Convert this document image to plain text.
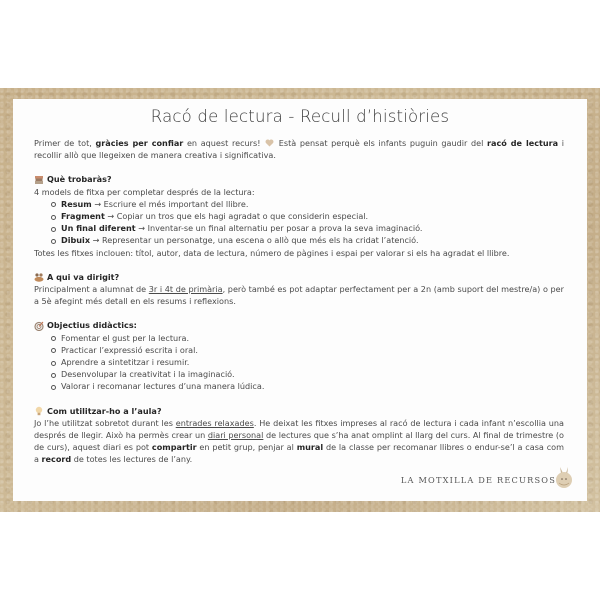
Racó de lectura - Recull d’histiòries

Primer de tot, gràcies per confiar en aquest recurs!  Està pensat perquè els infants puguin gaudir del racó de lectura i recollir allò que llegeixen de manera creativa i significativa.

Què trobaràs?

4 models de fitxa per completar després de la lectura:

Resum → Escriure el més important del llibre.
Fragment → Copiar un tros que els hagi agradat o que considerin especial.
Un final diferent → Inventar-se un final alternatiu per posar a prova la seva imaginació.
Dibuix → Representar un personatge, una escena o allò que més els ha cridat l’atenció.

Totes les fitxes inclouen: títol, autor, data de lectura, número de pàgines i espai per valorar si els ha agradat el llibre.

A qui va dirigit?

Principalment a alumnat de 3r i 4t de primària, però també es pot adaptar perfectament per a 2n (amb suport del mestre/a) o per a 5è afegint més detall en els resums i reflexions.

Objectius didàctics:
Fomentar el gust per la lectura.
Practicar l’expressió escrita i oral.
Aprendre a sintetitzar i resumir.
Desenvolupar la creativitat i la imaginació.
Valorar i recomanar lectures d’una manera lúdica.
Com utilitzar-ho a l’aula?

Jo l’he utilitzat sobretot durant les entrades relaxades. He deixat les fitxes impreses al racó de lectura i cada infant n’escollia una després de llegir. Això ha permès crear un diari personal de lectures que s’ha anat omplint al llarg del curs. Al final de trimestre (o de curs), aquest diari es pot compartir en petit grup, penjar al mural de la classe per recomanar llibres o endur-se’l a casa com a record de totes les lectures de l’any.

LA MOTXILLA DE RECURSOS
